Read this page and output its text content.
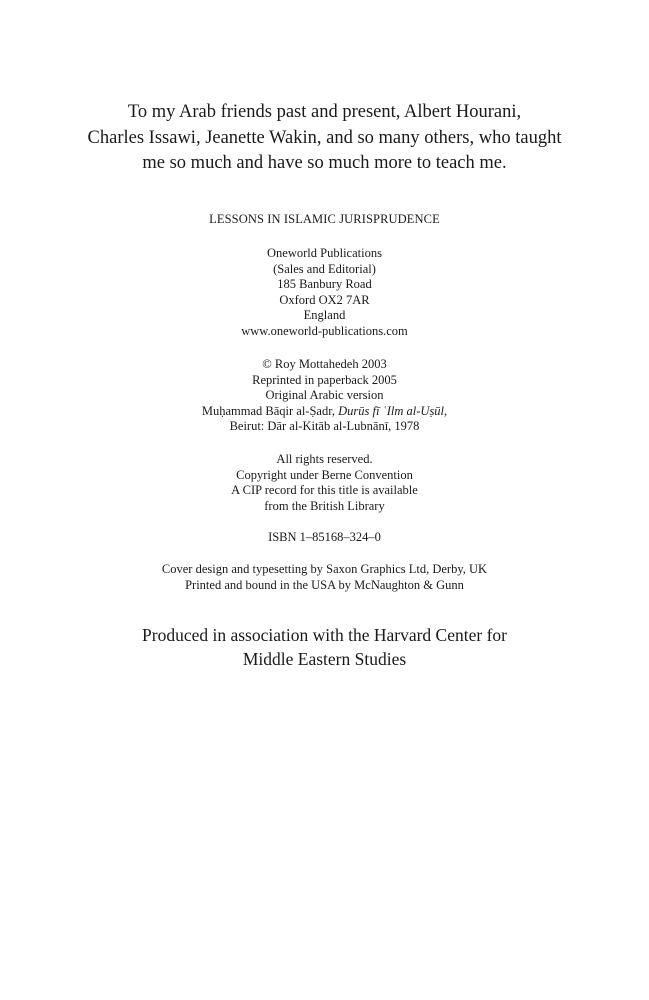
To my Arab friends past and present, Albert Hourani,
Charles Issawi, Jeanette Wakin, and so many others, who taught
me so much and have so much more to teach me.
LESSONS IN ISLAMIC JURISPRUDENCE
Oneworld Publications
(Sales and Editorial)
185 Banbury Road
Oxford OX2 7AR
England
www.oneworld-publications.com
© Roy Mottahedeh 2003
Reprinted in paperback 2005
Original Arabic version
Muḥammad Bāqir al-Ṣadr, Durūs fī ʿIlm al-Uṣūl,
Beirut: Dār al-Kitāb al-Lubnānī, 1978
All rights reserved.
Copyright under Berne Convention
A CIP record for this title is available
from the British Library
ISBN 1–85168–324–0
Cover design and typesetting by Saxon Graphics Ltd, Derby, UK
Printed and bound in the USA by McNaughton & Gunn
Produced in association with the Harvard Center for
Middle Eastern Studies
